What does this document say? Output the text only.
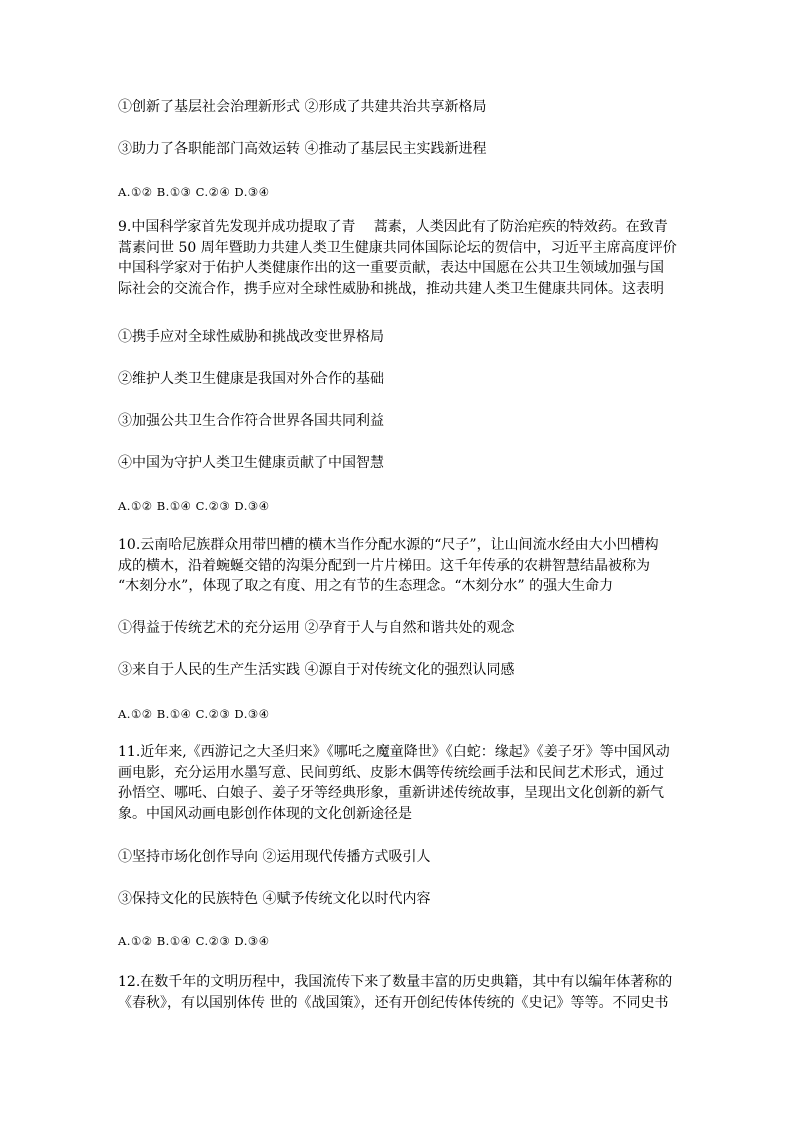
①创新了基层社会治理新形式 ②形成了共建共治共享新格局
③助力了各职能部门高效运转 ④推动了基层民主实践新进程
A.①② B.①③ C.②④ D.③④
9.中国科学家首先发现并成功提取了青　 蒿素，人类因此有了防治疟疾的特效药。在致青
蒿素问世 50 周年暨助力共建人类卫生健康共同体国际论坛的贺信中，习近平主席高度评价
中国科学家对于佑护人类健康作出的这一重要贡献，表达中国愿在公共卫生领域加强与国
际社会的交流合作，携手应对全球性威胁和挑战，推动共建人类卫生健康共同体。这表明
①携手应对全球性威胁和挑战改变世界格局
②维护人类卫生健康是我国对外合作的基础
③加强公共卫生合作符合世界各国共同利益
④中国为守护人类卫生健康贡献了中国智慧
A.①② B.①④ C.②③ D.③④
10.云南哈尼族群众用带凹槽的横木当作分配水源的“尺子”，让山间流水经由大小凹槽构
成的横木，沿着蜿蜒交错的沟渠分配到一片片梯田。这千年传承的农耕智慧结晶被称为
“木刻分水”，体现了取之有度、用之有节的生态理念。“木刻分水” 的强大生命力
①得益于传统艺术的充分运用 ②孕育于人与自然和谐共处的观念
③来自于人民的生产生活实践 ④源自于对传统文化的强烈认同感
A.①② B.①④ C.②③ D.③④
11.近年来,《西游记之大圣归来》《哪吒之魔童降世》《白蛇：缘起》《姜子牙》等中国风动
画电影，充分运用水墨写意、民间剪纸、皮影木偶等传统绘画手法和民间艺术形式，通过
孙悟空、哪吒、白娘子、姜子牙等经典形象，重新讲述传统故事，呈现出文化创新的新气
象。中国风动画电影创作体现的文化创新途径是
①坚持市场化创作导向 ②运用现代传播方式吸引人
③保持文化的民族特色 ④赋予传统文化以时代内容
A.①② B.①④ C.②③ D.③④
12.在数千年的文明历程中，我国流传下来了数量丰富的历史典籍，其中有以编年体著称的
《春秋》，有以国别体传 世的《战国策》，还有开创纪传体传统的《史记》等等。不同史书
